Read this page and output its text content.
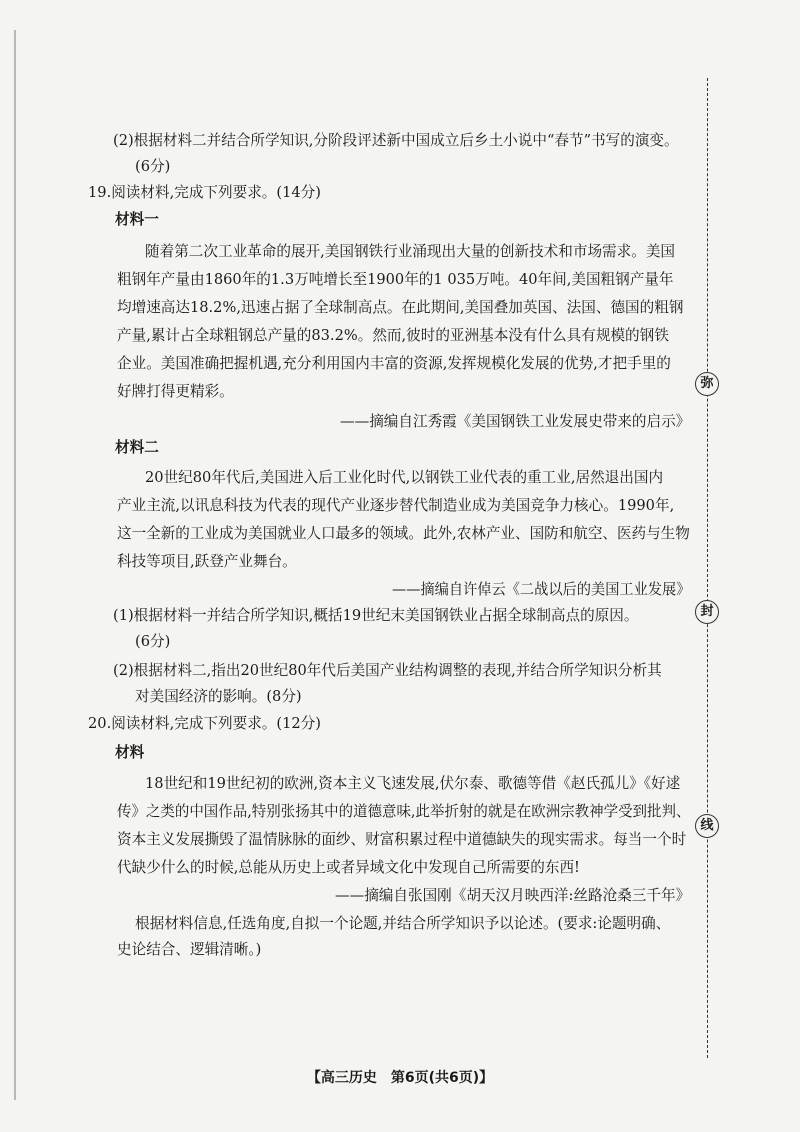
弥
封
线
(2)根据材料二并结合所学知识,分阶段评述新中国成立后乡土小说中“春节”书写的演变。
(6分)
19.阅读材料,完成下列要求。(14分)
材料一
随着第二次工业革命的展开,美国钢铁行业涌现出大量的创新技术和市场需求。美国
粗钢年产量由1860年的1.3万吨增长至1900年的1 035万吨。40年间,美国粗钢产量年
均增速高达18.2%,迅速占据了全球制高点。在此期间,美国叠加英国、法国、德国的粗钢
产量,累计占全球粗钢总产量的83.2%。然而,彼时的亚洲基本没有什么具有规模的钢铁
企业。美国准确把握机遇,充分利用国内丰富的资源,发挥规模化发展的优势,才把手里的
好牌打得更精彩。
——摘编自江秀霞《美国钢铁工业发展史带来的启示》
材料二
20世纪80年代后,美国进入后工业化时代,以钢铁工业代表的重工业,居然退出国内
产业主流,以讯息科技为代表的现代产业逐步替代制造业成为美国竞争力核心。1990年,
这一全新的工业成为美国就业人口最多的领域。此外,农林产业、国防和航空、医药与生物
科技等项目,跃登产业舞台。
——摘编自许倬云《二战以后的美国工业发展》
(1)根据材料一并结合所学知识,概括19世纪末美国钢铁业占据全球制高点的原因。
(6分)
(2)根据材料二,指出20世纪80年代后美国产业结构调整的表现,并结合所学知识分析其
对美国经济的影响。(8分)
20.阅读材料,完成下列要求。(12分)
材料
18世纪和19世纪初的欧洲,资本主义飞速发展,伏尔泰、歌德等借《赵氏孤儿》《好逑
传》之类的中国作品,特别张扬其中的道德意味,此举折射的就是在欧洲宗教神学受到批判、
资本主义发展撕毁了温情脉脉的面纱、财富积累过程中道德缺失的现实需求。每当一个时
代缺少什么的时候,总能从历史上或者异域文化中发现自己所需要的东西!
——摘编自张国刚《胡天汉月映西洋:丝路沧桑三千年》
根据材料信息,任选角度,自拟一个论题,并结合所学知识予以论述。(要求:论题明确、
史论结合、逻辑清晰。)
【高三历史　第6页(共6页)】
